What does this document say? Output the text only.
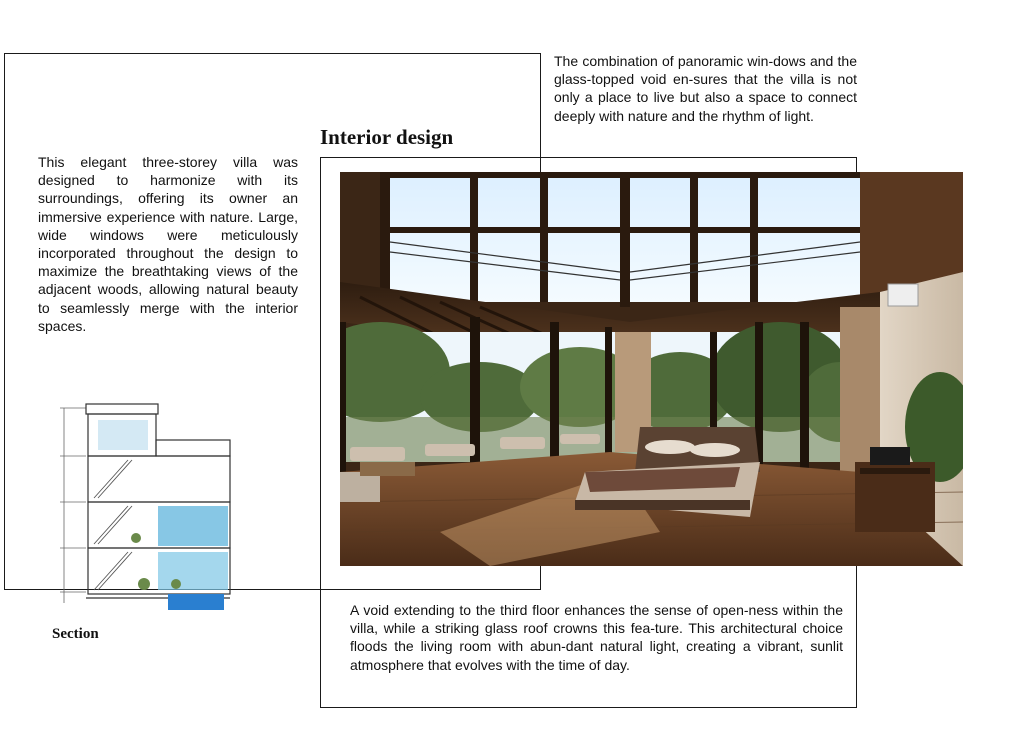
This elegant three-storey villa was designed to harmonize with its surroundings, offering its owner an immersive experience with nature. Large, wide windows were meticulously incorporated throughout the design to maximize the breathtaking views of the adjacent woods, allowing natural beauty to seamlessly merge with the interior spaces.
The combination of panoramic win-dows and the glass-topped void en-sures that the villa is not only a place to live but also a space to connect deeply with nature and the rhythm of light.
Interior design
A void extending to the third floor enhances the sense of open-ness within the villa, while a striking glass roof crowns this fea-ture. This architectural choice floods the living room with abun-dant natural light, creating a vibrant, sunlit atmosphere that evolves with the time of day.
Section
